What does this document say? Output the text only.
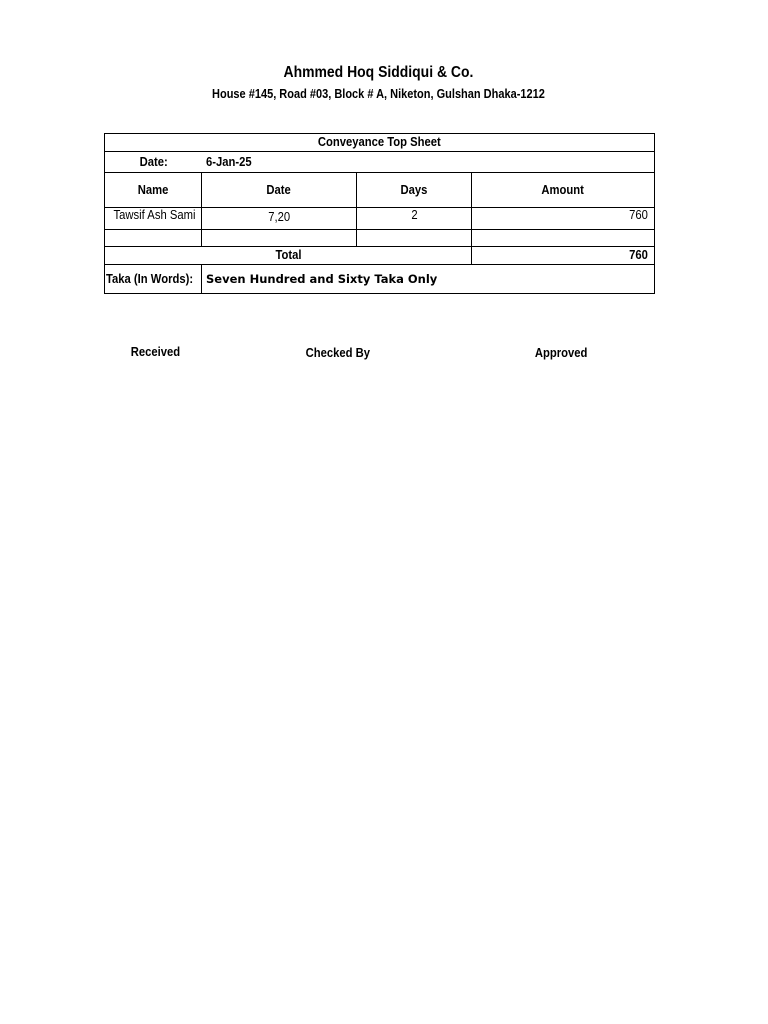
Ahmmed Hoq Siddiqui & Co.
House #145, Road #03, Block # A, Niketon, Gulshan Dhaka-1212
Conveyance Top Sheet			
Date:	6-Jan-25		
Name	Date	Days	Amount
Tawsif Ash Sami	7,20	2	760

Total			760
Taka (In Words):	Seven Hundred and Sixty Taka Only		
Received	Checked By	Approved
